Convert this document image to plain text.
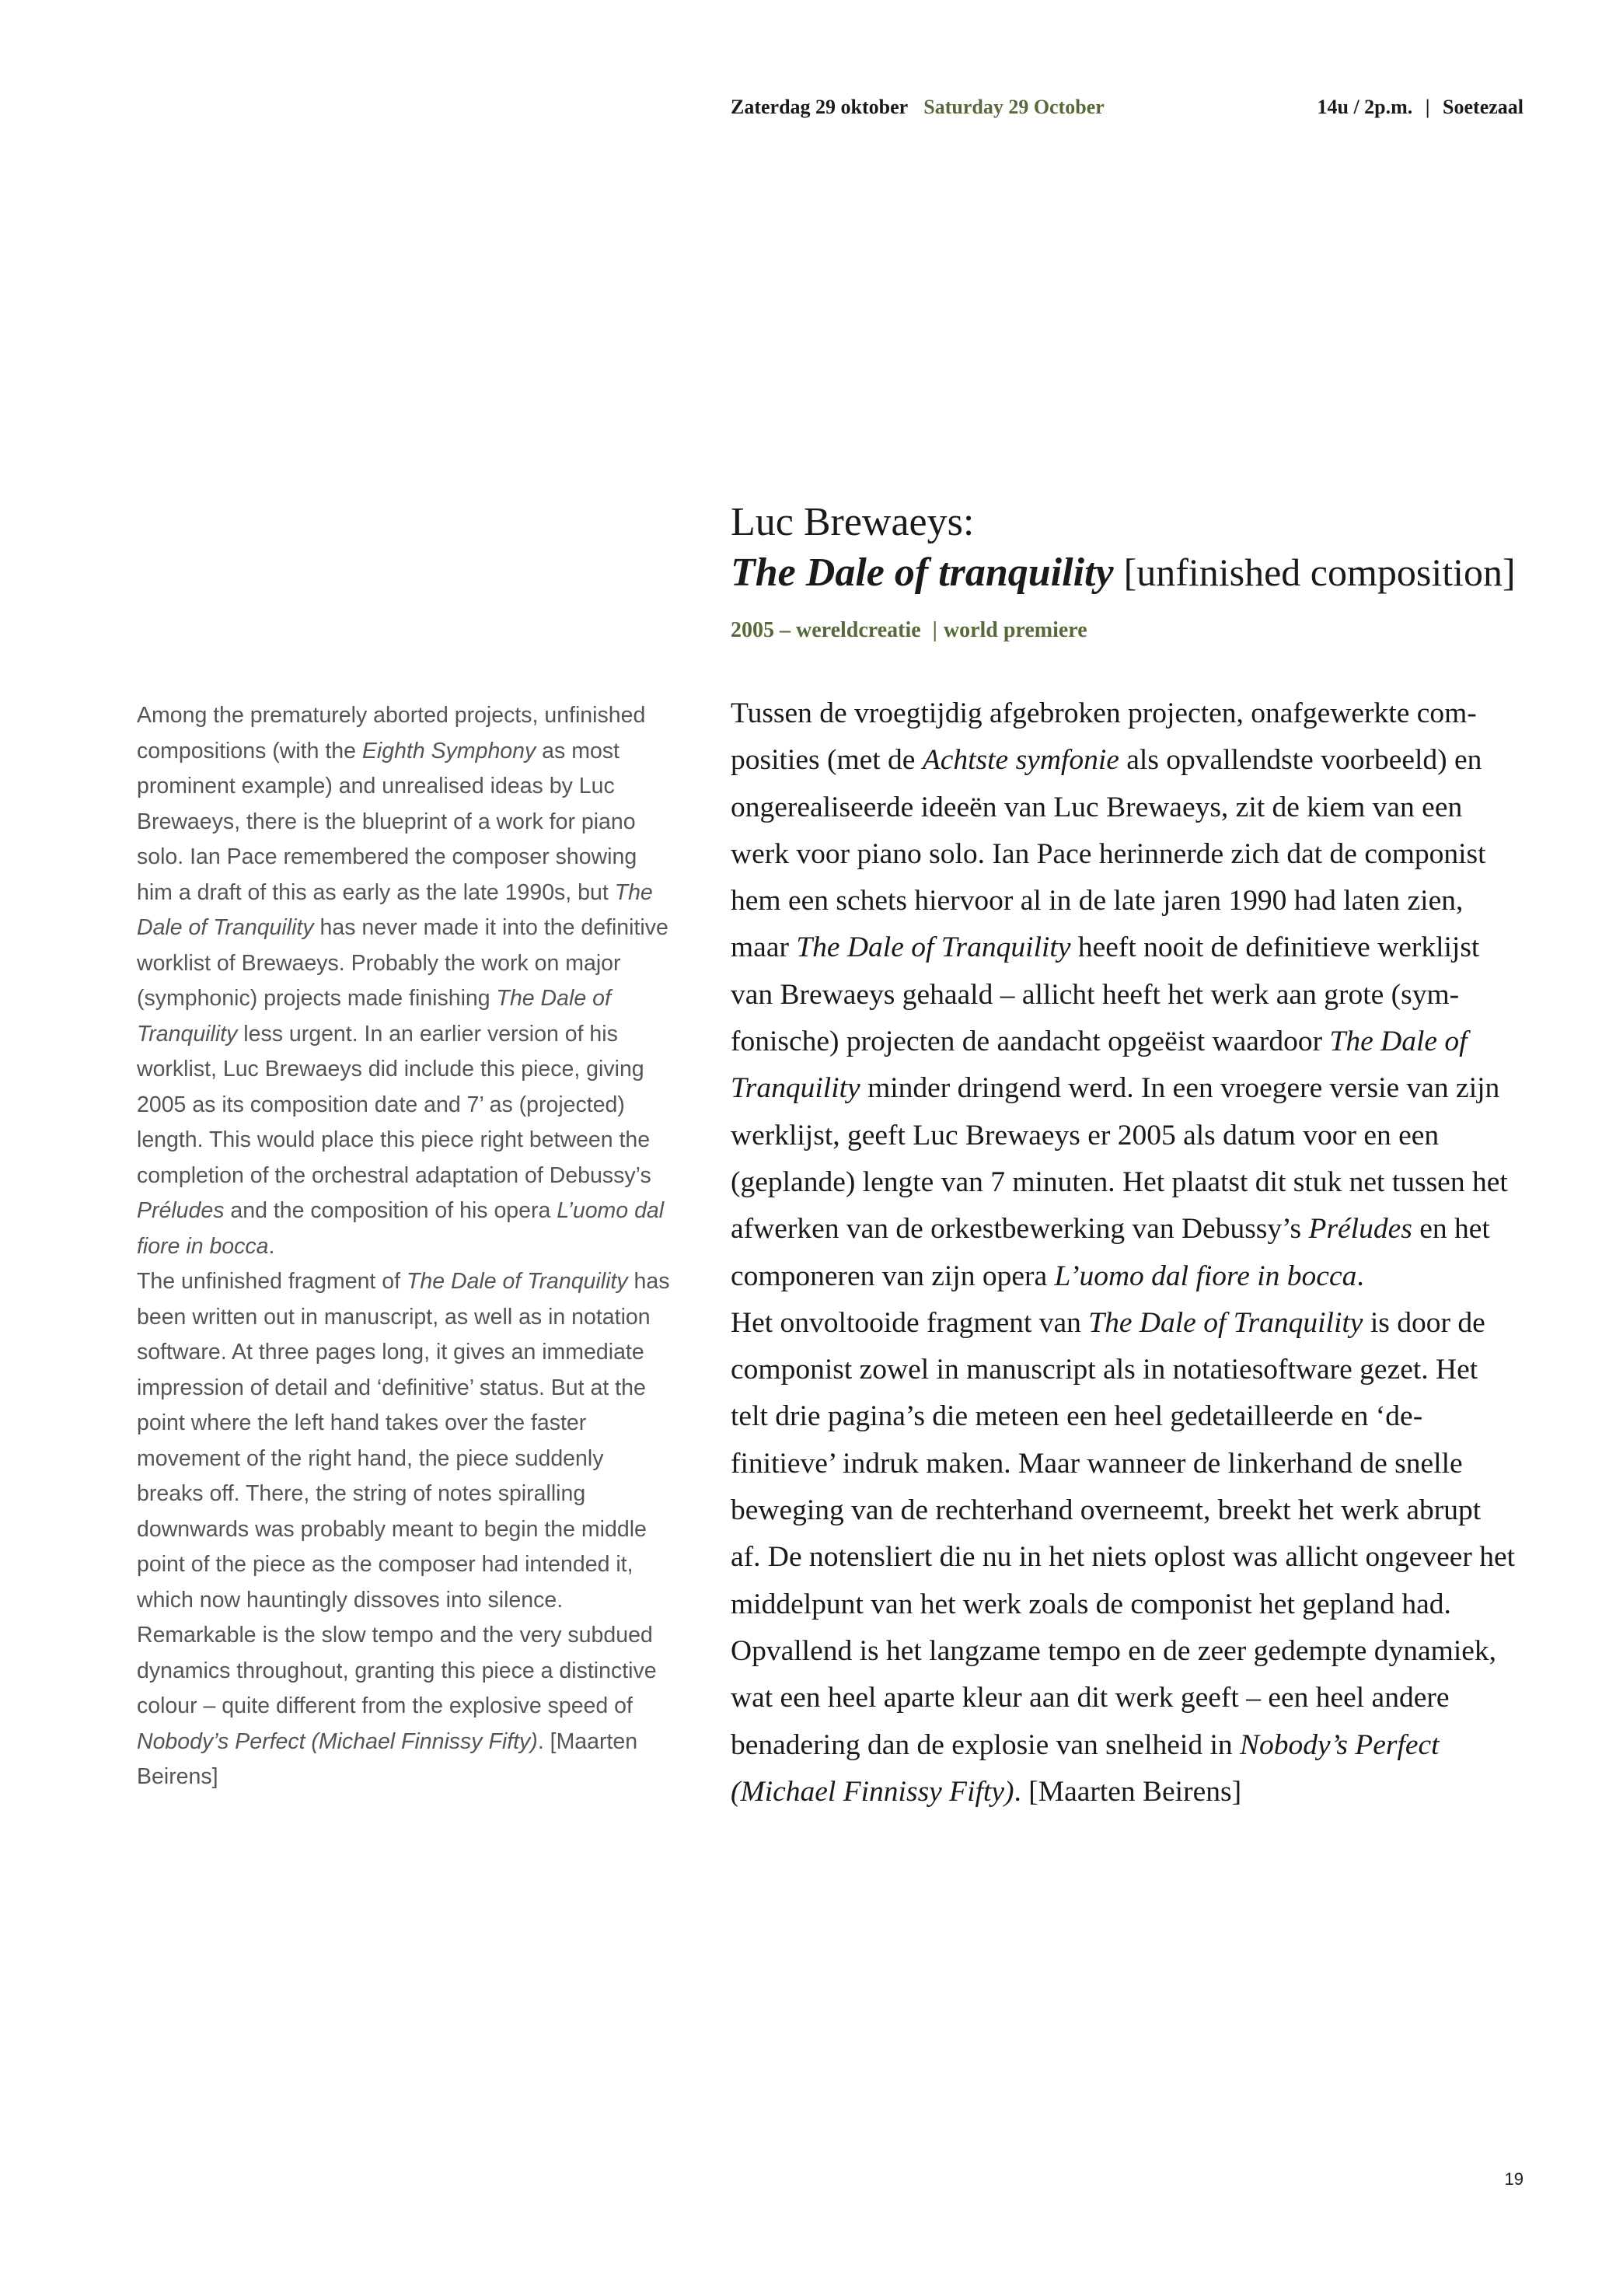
Zaterdag 29 oktober Saturday 29 October	14u / 2p.m. | Soetezaal
Luc Brewaeys:
The Dale of tranquility [unfinished composition]
2005 – wereldcreatie | world premiere

Among the prematurely aborted projects, unfinished compositions (with the Eighth Symphony as most prominent example) and unrealised ideas by Luc Brewaeys, there is the blueprint of a work for piano solo. Ian Pace remembered the composer showing him a draft of this as early as the late 1990s, but The Dale of Tranquility has never made it into the definitive worklist of Brewaeys. Probably the work on major (symphonic) projects made finishing The Dale of Tranquility less urgent. In an earlier version of his worklist, Luc Brewaeys did include this piece, giving 2005 as its composition date and 7’ as (projected) length. This would place this piece right between the completion of the orchestral adaptation of Debussy’s Préludes and the composition of his opera L’uomo dal fiore in bocca.

The unfinished fragment of The Dale of Tranquility has been written out in manuscript, as well as in notation software. At three pages long, it gives an immediate impression of detail and ‘definitive’ status. But at the point where the left hand takes over the faster movement of the right hand, the piece suddenly breaks off. There, the string of notes spiralling downwards was probably meant to begin the middle point of the piece as the composer had intended it, which now hauntingly dissoves into silence. Remarkable is the slow tempo and the very subdued dynamics throughout, granting this piece a distinctive colour – quite different from the explosive speed of Nobody’s Perfect (Michael Finnissy Fifty). [Maarten Beirens]

Tussen de vroegtijdig afgebroken projecten, onafgewerkte composities (met de Achtste symfonie als opvallendste voorbeeld) en ongerealiseerde ideeën van Luc Brewaeys, zit de kiem van een werk voor piano solo. Ian Pace herinnerde zich dat de componist hem een schets hiervoor al in de late jaren 1990 had laten zien, maar The Dale of Tranquility heeft nooit de definitieve werklijst van Brewaeys gehaald – allicht heeft het werk aan grote (symfonische) projecten de aandacht opgeëist waardoor The Dale of Tranquility minder dringend werd. In een vroegere versie van zijn werklijst, geeft Luc Brewaeys er 2005 als datum voor en een (geplande) lengte van 7 minuten. Het plaatst dit stuk net tussen het afwerken van de orkestbewerking van Debussy’s Préludes en het componeren van zijn opera L’uomo dal fiore in bocca.

Het onvoltooide fragment van The Dale of Tranquility is door de componist zowel in manuscript als in notatiesoftware gezet. Het telt drie pagina’s die meteen een heel gedetailleerde en ‘definitieve’ indruk maken. Maar wanneer de linkerhand de snelle beweging van de rechterhand overneemt, breekt het werk abrupt af. De notensliert die nu in het niets oplost was allicht ongeveer het middelpunt van het werk zoals de componist het gepland had. Opvallend is het langzame tempo en de zeer gedempte dynamiek, wat een heel aparte kleur aan dit werk geeft – een heel andere benadering dan de explosie van snelheid in Nobody’s Perfect (Michael Finnissy Fifty). [Maarten Beirens]

19
